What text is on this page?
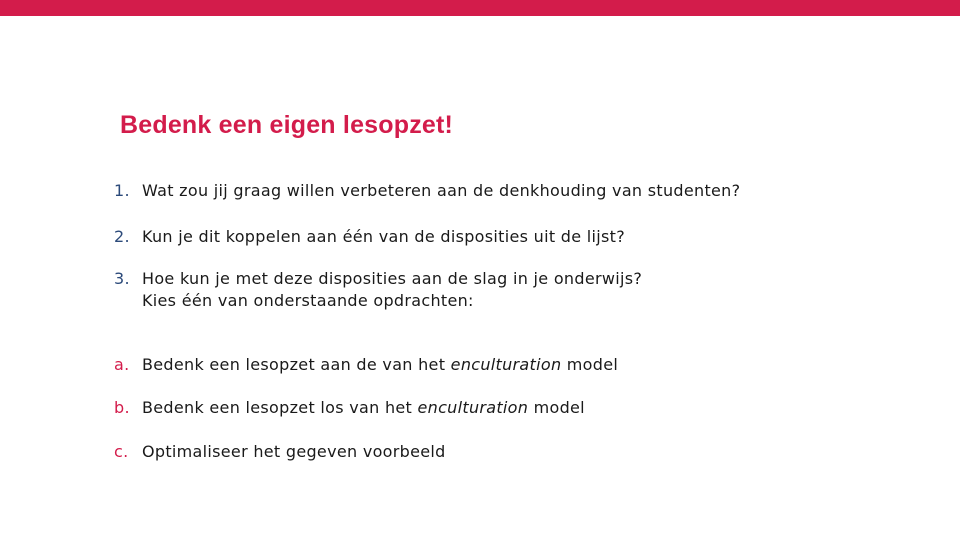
Bedenk een eigen lesopzet!
1. Wat zou jij graag willen verbeteren aan de denkhouding van studenten?
2. Kun je dit koppelen aan één van de disposities uit de lijst?
3. Hoe kun je met deze disposities aan de slag in je onderwijs?
Kies één van onderstaande opdrachten:
a. Bedenk een lesopzet aan de van het enculturation model
b. Bedenk een lesopzet los van het enculturation model
c. Optimaliseer het gegeven voorbeeld
